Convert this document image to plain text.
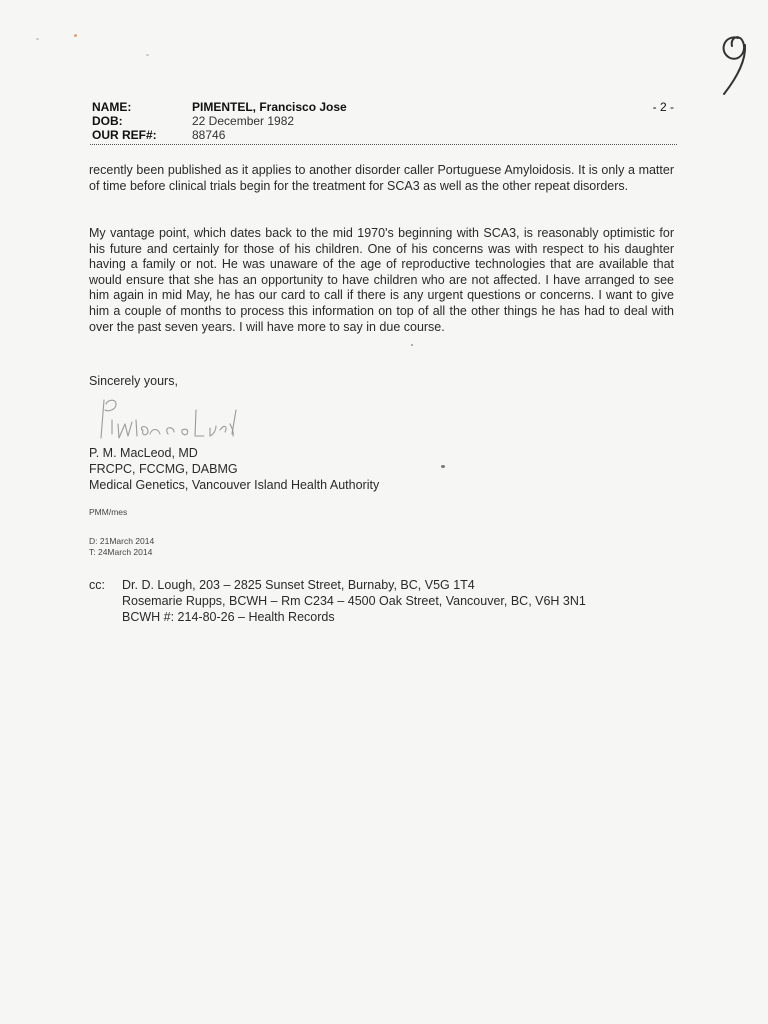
NAME:	PIMENTEL, Francisco Jose
DOB:	22 December 1982
OUR REF#:	88746
- 2 -

recently been published as it applies to another disorder caller Portuguese Amyloidosis. It is only a matter of time before clinical trials begin for the treatment for SCA3 as well as the other repeat disorders.

My vantage point, which dates back to the mid 1970's beginning with SCA3, is reasonably optimistic for his future and certainly for those of his children. One of his concerns was with respect to his daughter having a family or not. He was unaware of the age of reproductive technologies that are available that would ensure that she has an opportunity to have children who are not affected. I have arranged to see him again in mid May, he has our card to call if there is any urgent questions or concerns. I want to give him a couple of months to process this information on top of all the other things he has had to deal with over the past seven years. I will have more to say in due course.

Sincerely yours,
P. M. MacLeod, MD
FRCPC, FCCMG, DABMG
Medical Genetics, Vancouver Island Health Authority
PMM/mes
D: 21March 2014
T: 24March 2014
cc: Dr. D. Lough, 203 – 2825 Sunset Street, Burnaby, BC, V5G 1T4
Rosemarie Rupps, BCWH – Rm C234 – 4500 Oak Street, Vancouver, BC, V6H 3N1
BCWH #: 214-80-26 – Health Records
